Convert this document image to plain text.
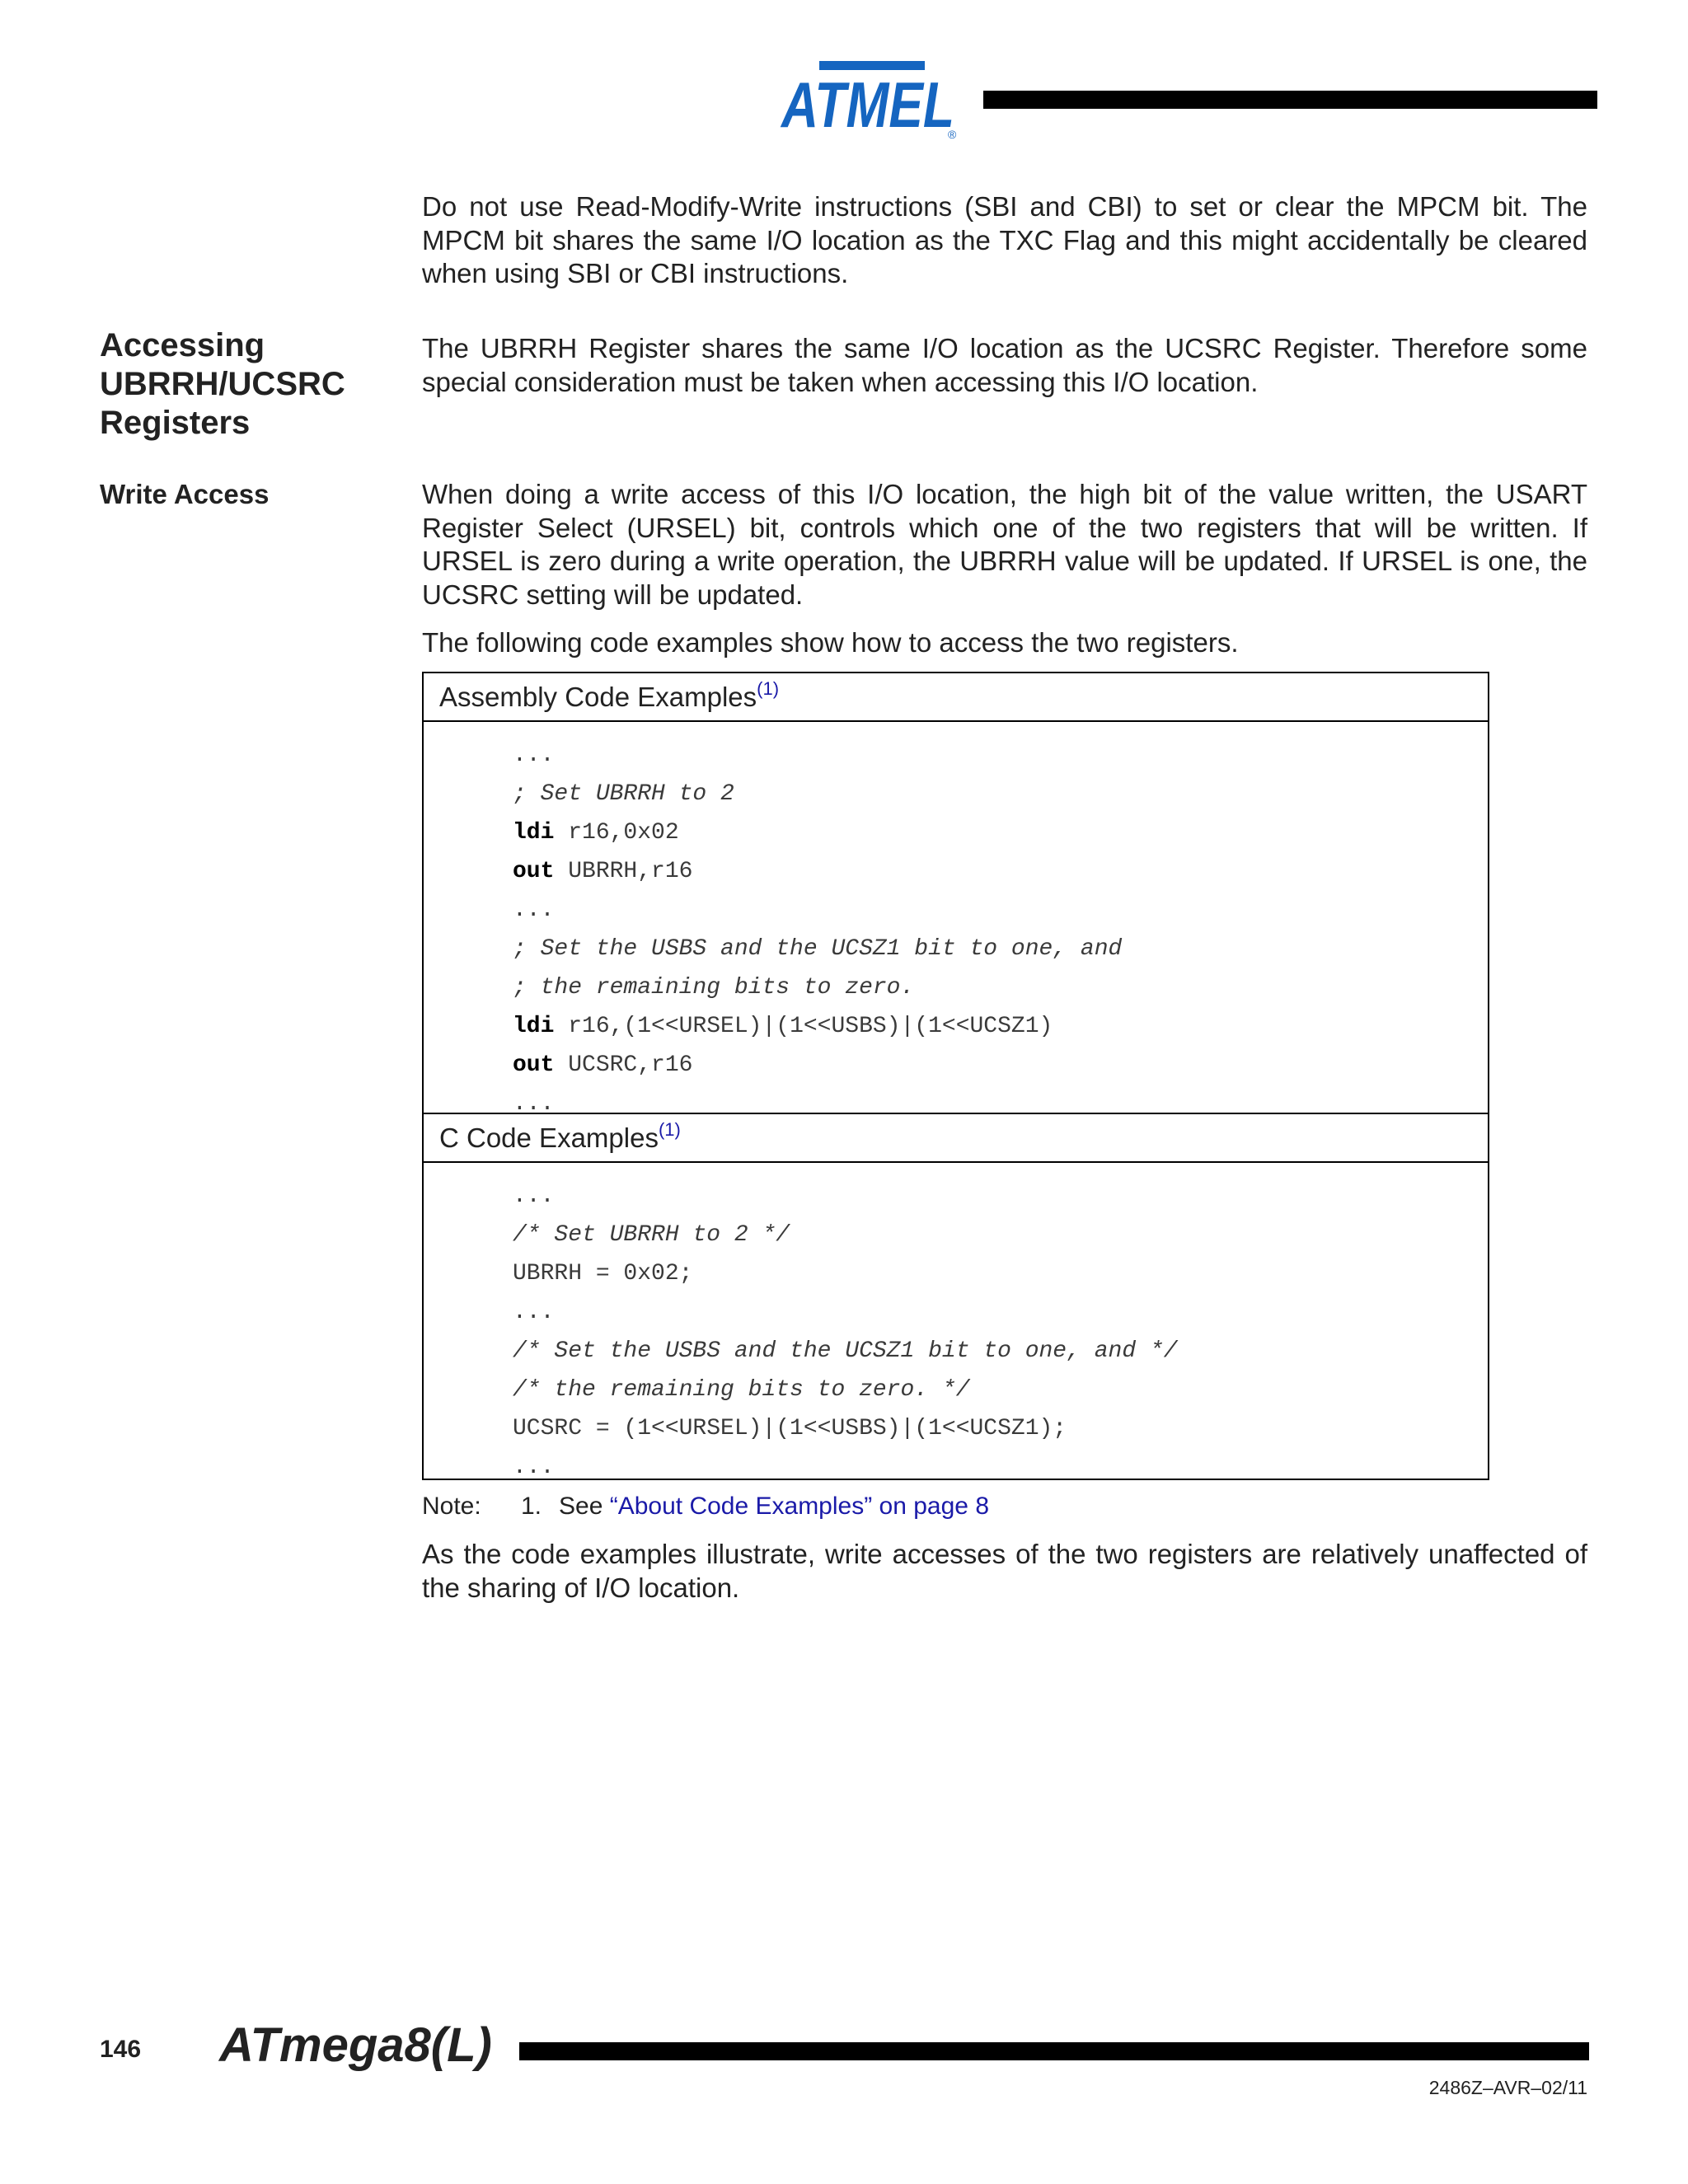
ATMEL
®

Do not use Read-Modify-Write instructions (SBI and CBI) to set or clear the MPCM bit. The MPCM bit shares the same I/O location as the TXC Flag and this might accidentally be cleared when using SBI or CBI instructions.

Accessing UBRRH/UCSRC Registers

The UBRRH Register shares the same I/O location as the UCSRC Register. Therefore some special consideration must be taken when accessing this I/O location.

Write Access	When doing a write access of this I/O location, the high bit of the value written, the USART Register Select (URSEL) bit, controls which one of the two registers that will be written. If URSEL is zero during a write operation, the UBRRH value will be updated. If URSEL is one, the UCSRC setting will be updated.

The following code examples show how to access the two registers.

Assembly Code Examples$^{(1)}$
...
; Set UBRRH to 2
ldi r16,0x02
out UBRRH,r16
...
; Set the USBS and the UCSZ1 bit to one, and
; the remaining bits to zero.
ldi r16,(1<<URSEL)|(1<<USBS)|(1<<UCSZ1)
out UCSRC,r16
...
C Code Examples$^{(1)}$
...
/* Set UBRRH to 2 */
UBRRH = 0x02;
...
/* Set the USBS and the UCSZ1 bit to one, and */
/* the remaining bits to zero. */
UCSRC = (1<<URSEL)|(1<<USBS)|(1<<UCSZ1);
...
Note: 1. See “About Code Examples” on page 8

As the code examples illustrate, write accesses of the two registers are relatively unaffected of the sharing of I/O location.

146 ATmega8(L)
2486Z–AVR–02/11
